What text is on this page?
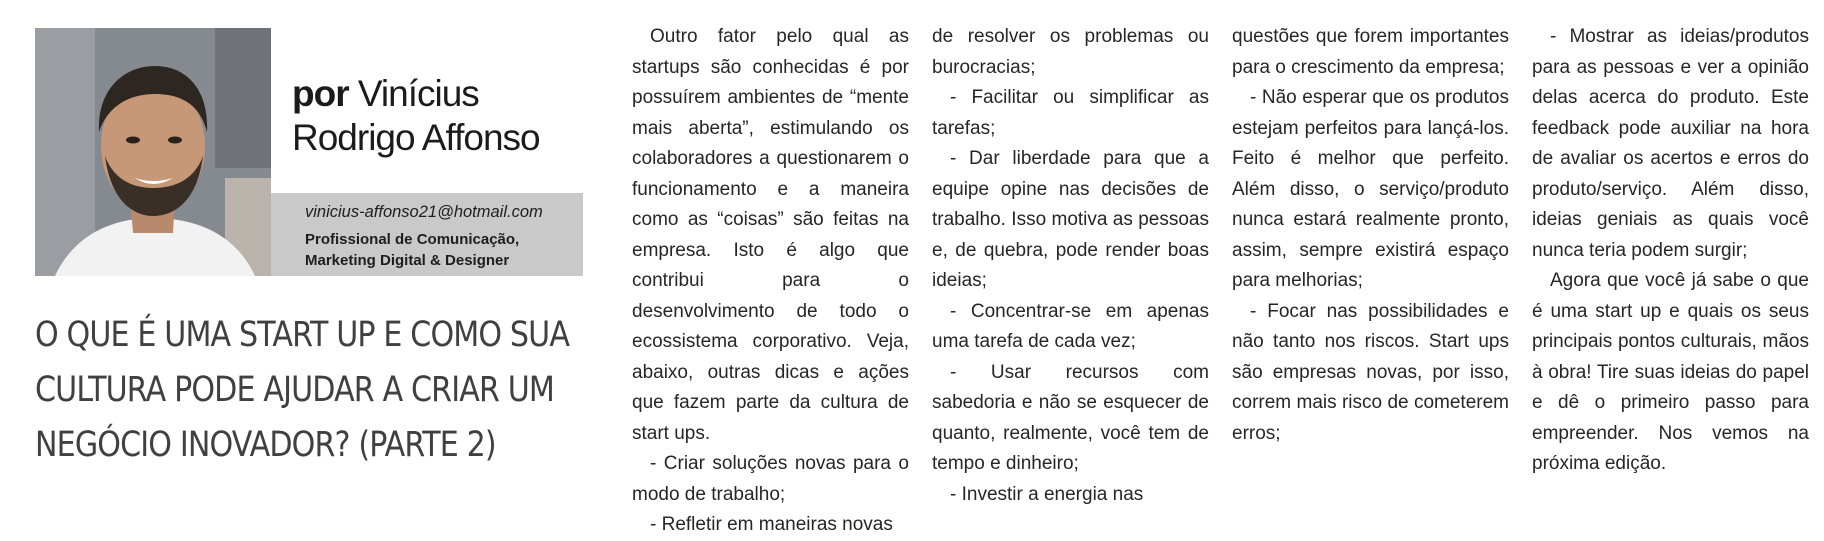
por Vinícius
Rodrigo Affonso
vinicius-affonso21@hotmail.com
Profissional de Comunicação,
Marketing Digital & Designer
O QUE É UMA START UP E COMO SUA
CULTURA PODE AJUDAR A CRIAR UM
NEGÓCIO INOVADOR? (PARTE 2)

Outro fator pelo qual as startups são conhecidas é por possuírem ambientes de “mente mais aberta”, estimulando os colaboradores a questionarem o funcionamento e a maneira como as “coisas” são feitas na empresa. Isto é algo que contribui para o desenvolvimento de todo o ecossistema corporativo. Veja, abaixo, outras dicas e ações que fazem parte da cultura de start ups.

- Criar soluções novas para o modo de trabalho;

- Refletir em maneiras novas

de resolver os problemas ou burocracias;

- Facilitar ou simplificar as tarefas;

- Dar liberdade para que a equipe opine nas decisões de trabalho. Isso motiva as pessoas e, de quebra, pode render boas ideias;

- Concentrar-se em apenas uma tarefa de cada vez;

- Usar recursos com sabedoria e não se esquecer de quanto, realmente, você tem de tempo e dinheiro;

- Investir a energia nas

questões que forem importantes para o crescimento da empresa;

- Não esperar que os produtos estejam perfeitos para lançá-los. Feito é melhor que perfeito. Além disso, o serviço/produto nunca estará realmente pronto, assim, sempre existirá espaço para melhorias;

- Focar nas possibilidades e não tanto nos riscos. Start ups são empresas novas, por isso, correm mais risco de cometerem erros;

- Mostrar as ideias/produtos para as pessoas e ver a opinião delas acerca do produto. Este feedback pode auxiliar na hora de avaliar os acertos e erros do produto/serviço. Além disso, ideias geniais as quais você nunca teria podem surgir;

Agora que você já sabe o que é uma start up e quais os seus principais pontos culturais, mãos à obra! Tire suas ideias do papel e dê o primeiro passo para empreender. Nos vemos na próxima edição.
